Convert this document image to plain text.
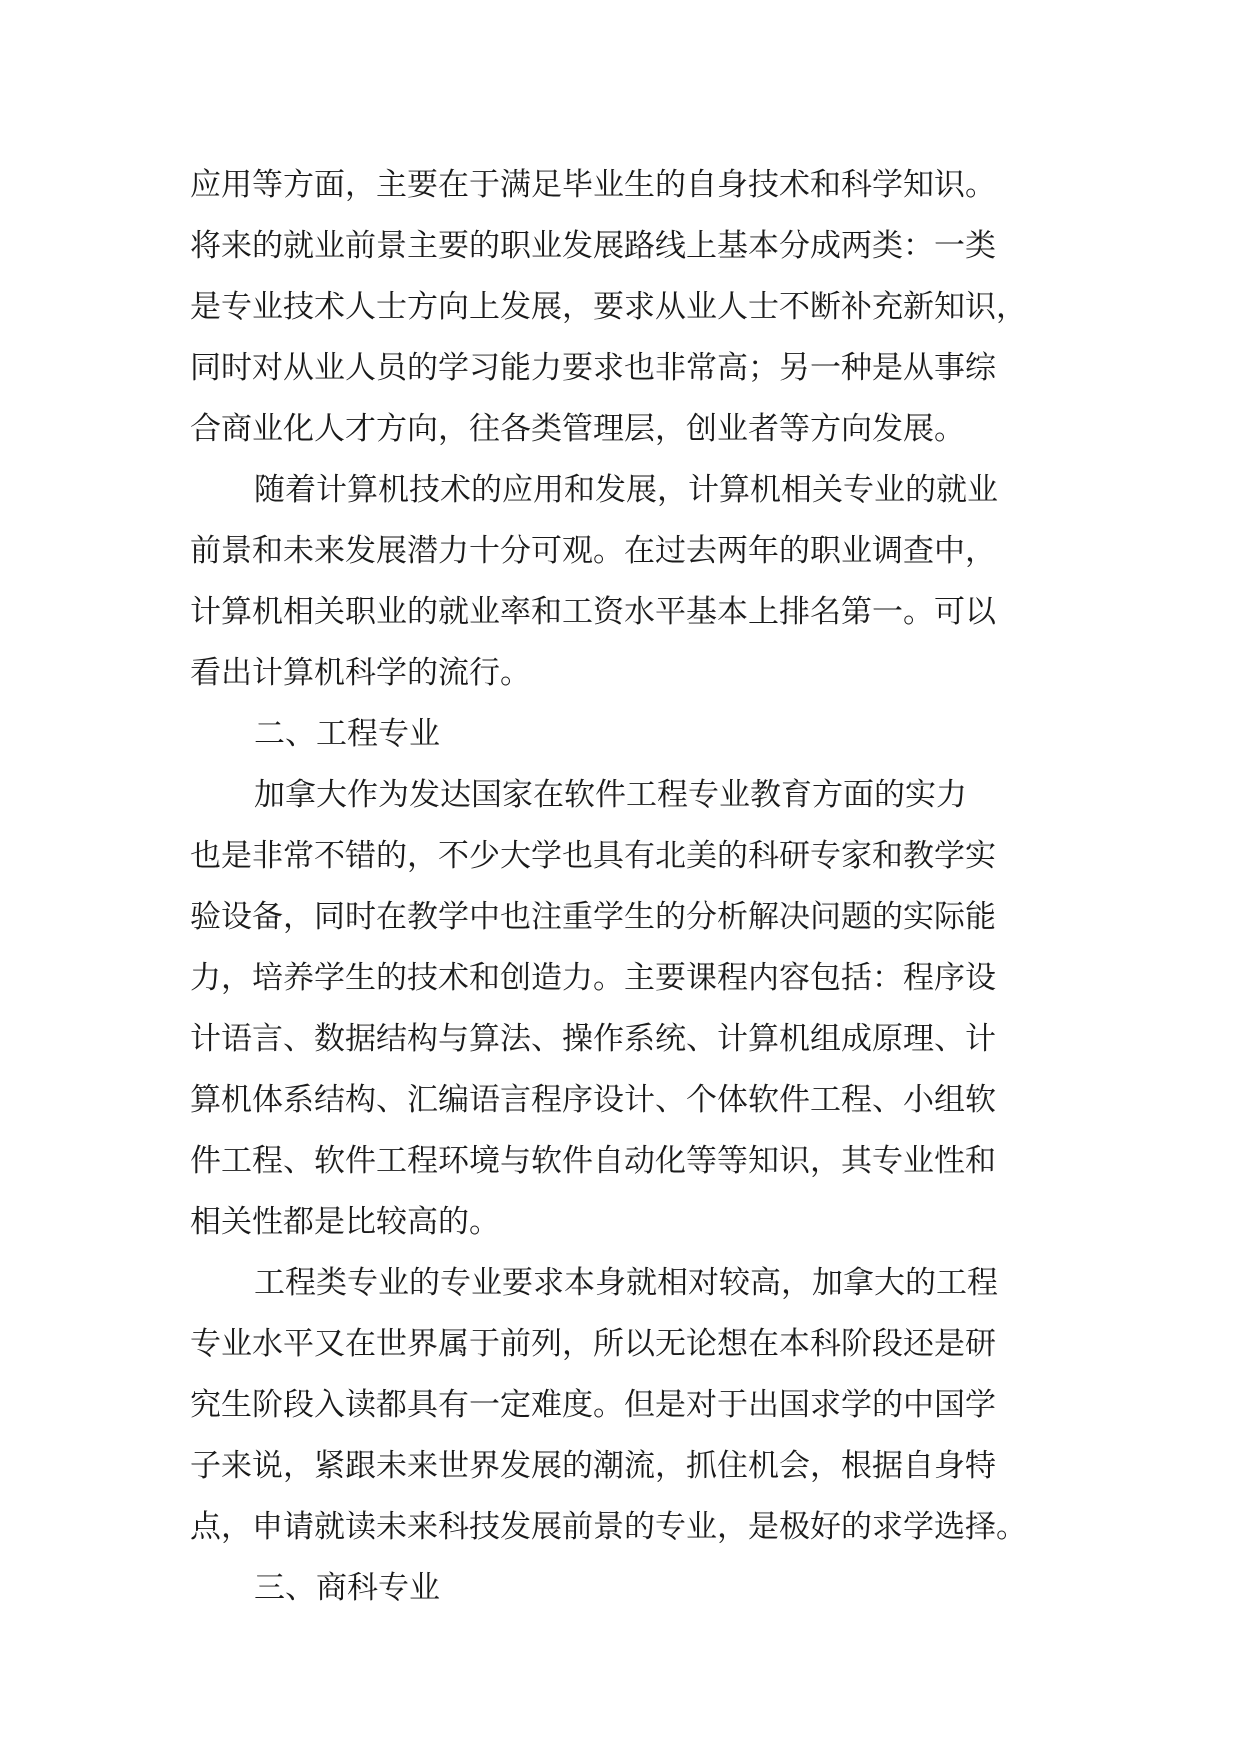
应用等方面，主要在于满足毕业生的自身技术和科学知识。
将来的就业前景主要的职业发展路线上基本分成两类：一类
是专业技术人士方向上发展，要求从业人士不断补充新知识，
同时对从业人员的学习能力要求也非常高；另一种是从事综
合商业化人才方向，往各类管理层，创业者等方向发展。
随着计算机技术的应用和发展，计算机相关专业的就业
前景和未来发展潜力十分可观。在过去两年的职业调查中，
计算机相关职业的就业率和工资水平基本上排名第一。可以
看出计算机科学的流行。
二、工程专业
加拿大作为发达国家在软件工程专业教育方面的实力
也是非常不错的，不少大学也具有北美的科研专家和教学实
验设备，同时在教学中也注重学生的分析解决问题的实际能
力，培养学生的技术和创造力。主要课程内容包括：程序设
计语言、数据结构与算法、操作系统、计算机组成原理、计
算机体系结构、汇编语言程序设计、个体软件工程、小组软
件工程、软件工程环境与软件自动化等等知识，其专业性和
相关性都是比较高的。
工程类专业的专业要求本身就相对较高，加拿大的工程
专业水平又在世界属于前列，所以无论想在本科阶段还是研
究生阶段入读都具有一定难度。但是对于出国求学的中国学
子来说，紧跟未来世界发展的潮流，抓住机会，根据自身特
点，申请就读未来科技发展前景的专业，是极好的求学选择。
三、商科专业
